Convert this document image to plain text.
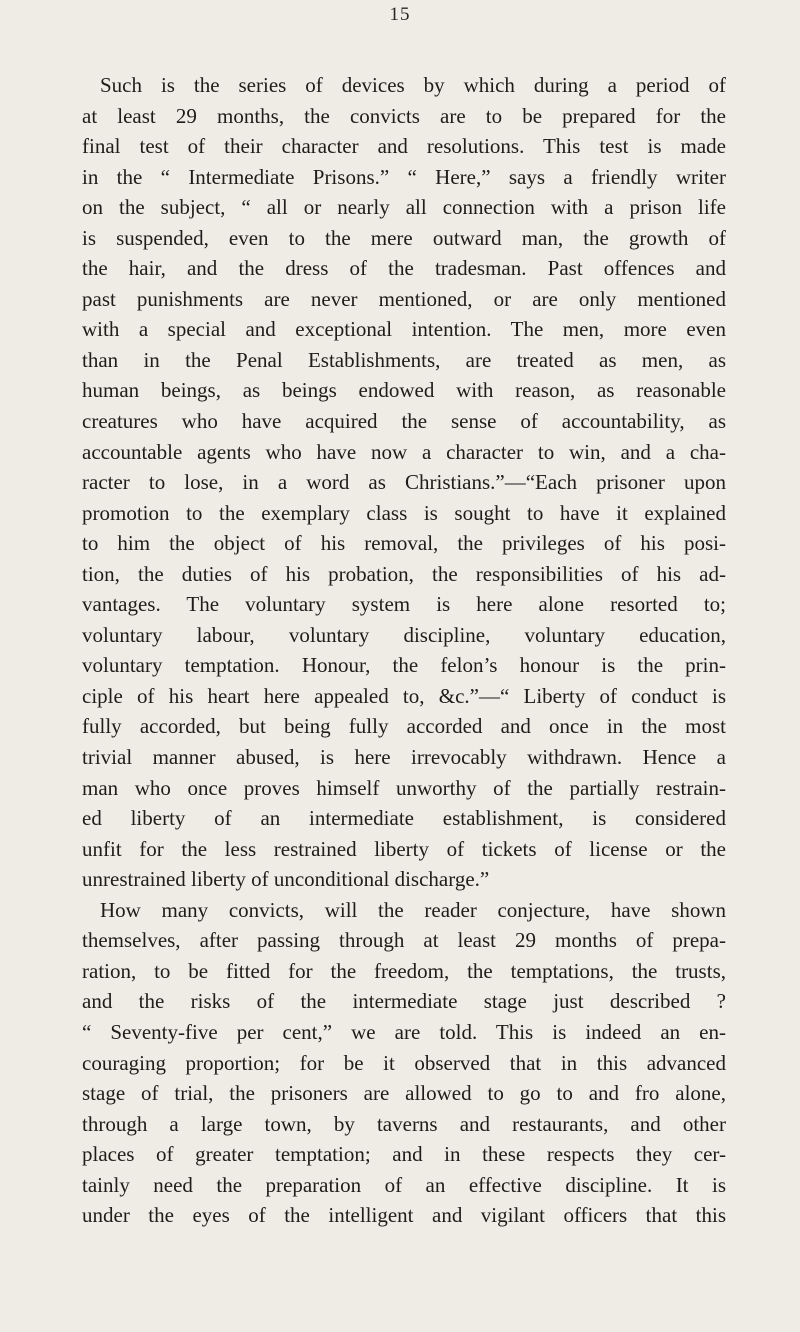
15
Such is the series of devices by which during a period of
at least 29 months, the convicts are to be prepared for the
final test of their character and resolutions. This test is made
in the “ Intermediate Prisons.” “ Here,” says a friendly writer
on the subject, “ all or nearly all connection with a prison life
is suspended, even to the mere outward man, the growth of
the hair, and the dress of the tradesman. Past offences and
past punishments are never mentioned, or are only mentioned
with a special and exceptional intention. The men, more even
than in the Penal Establishments, are treated as men, as
human beings, as beings endowed with reason, as reasonable
creatures who have acquired the sense of accountability, as
accountable agents who have now a character to win, and a cha-
racter to lose, in a word as Christians.”—“Each prisoner upon
promotion to the exemplary class is sought to have it explained
to him the object of his removal, the privileges of his posi-
tion, the duties of his probation, the responsibilities of his ad-
vantages. The voluntary system is here alone resorted to;
voluntary labour, voluntary discipline, voluntary education,
voluntary temptation. Honour, the felon’s honour is the prin-
ciple of his heart here appealed to, &c.”—“ Liberty of conduct is
fully accorded, but being fully accorded and once in the most
trivial manner abused, is here irrevocably withdrawn. Hence a
man who once proves himself unworthy of the partially restrain-
ed liberty of an intermediate establishment, is considered
unfit for the less restrained liberty of tickets of license or the
unrestrained liberty of unconditional discharge.”
How many convicts, will the reader conjecture, have shown
themselves, after passing through at least 29 months of prepa-
ration, to be fitted for the freedom, the temptations, the trusts,
and the risks of the intermediate stage just described ?
“ Seventy-five per cent,” we are told. This is indeed an en-
couraging proportion; for be it observed that in this advanced
stage of trial, the prisoners are allowed to go to and fro alone,
through a large town, by taverns and restaurants, and other
places of greater temptation; and in these respects they cer-
tainly need the preparation of an effective discipline. It is
under the eyes of the intelligent and vigilant officers that this
